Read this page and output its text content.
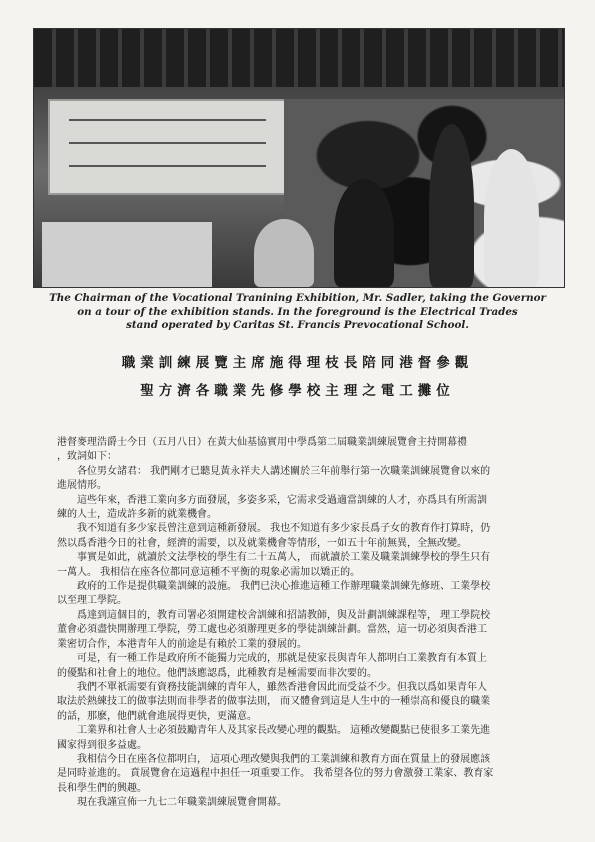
The Chairman of the Vocational Tranining Exhibition, Mr. Sadler, taking the Governor
on a tour of the exhibition stands. In the foreground is the Electrical Trades
stand operated by Caritas St. Francis Prevocational School.
職業訓練展覽主席施得理枝長陪同港督參觀
聖方濟各職業先修學校主理之電工攤位

港督麥理浩爵士今日（五月八日）在黃大仙基協實用中學爲第二屆職業訓練展覽會主持開幕禮

，致詞如下：

各位男女諸君： 我們剛才已聽見黃永祥夫人講述關於三年前舉行第一次職業訓練展覽會以來的

進展情形。

這些年來，香港工業向多方面發展，多姿多采，它需求受過適當訓練的人才，亦爲具有所需訓

練的人士，造成許多新的就業機會。

我不知道有多少家長曾注意到這種新發展。 我也不知道有多少家長爲子女的教育作打算時，仍

然以爲香港今日的社會，經濟的需要，以及就業機會等情形，一如五十年前無異，全無改變。

事實是如此，就讀於文法學校的學生有二十五萬人， 而就讀於工業及職業訓練學校的學生只有

一萬人。 我相信在座各位都同意這種不平衡的現象必需加以矯正的。

政府的工作是提供職業訓練的設施。 我們已決心推進這種工作辦理職業訓練先修班、工業學校

以至理工學院。

爲達到這個目的，教育司署必須開建校舍訓練和招請教師，與及計劃訓練課程等， 理工學院校

董會必須盡快開辦理工學院，勞工處也必須辦理更多的學徒訓練計劃。當然，這一切必須與香港工

業密切合作，本港青年人的前途是有賴於工業的發展的。

可是，有一種工作是政府所不能獨力完成的，那就是使家長與青年人都明白工業教育有本質上

的優點和社會上的地位。他們該應認爲，此種教育是極需要而非次要的。

我們不單祇需要有資務技能訓練的青年人，雖然香港會因此而受益不少。但我以爲如果青年人

取法於熱練技工的做事法則而非學者的做事法則， 而又體會到這是人生中的一種崇高和優良的職業

的話，那麽，他們就會進展得更快，更滿意。

工業界和社會人士必須鼓勵青年人及其家長改變心理的觀點。 這種改變觀點已使很多工業先進

國家得到很多益處。

我相信今日在座各位都明白， 這項心理改變與我們的工業訓練和教育方面在質量上的發展應該

是同時並進的。 賁展覽會在這過程中担任一項重要工作。 我希望各位的努力會激發工業家、教育家

長和學生們的興趣。

現在我謹宣佈一九七二年職業訓練展覽會開幕。
